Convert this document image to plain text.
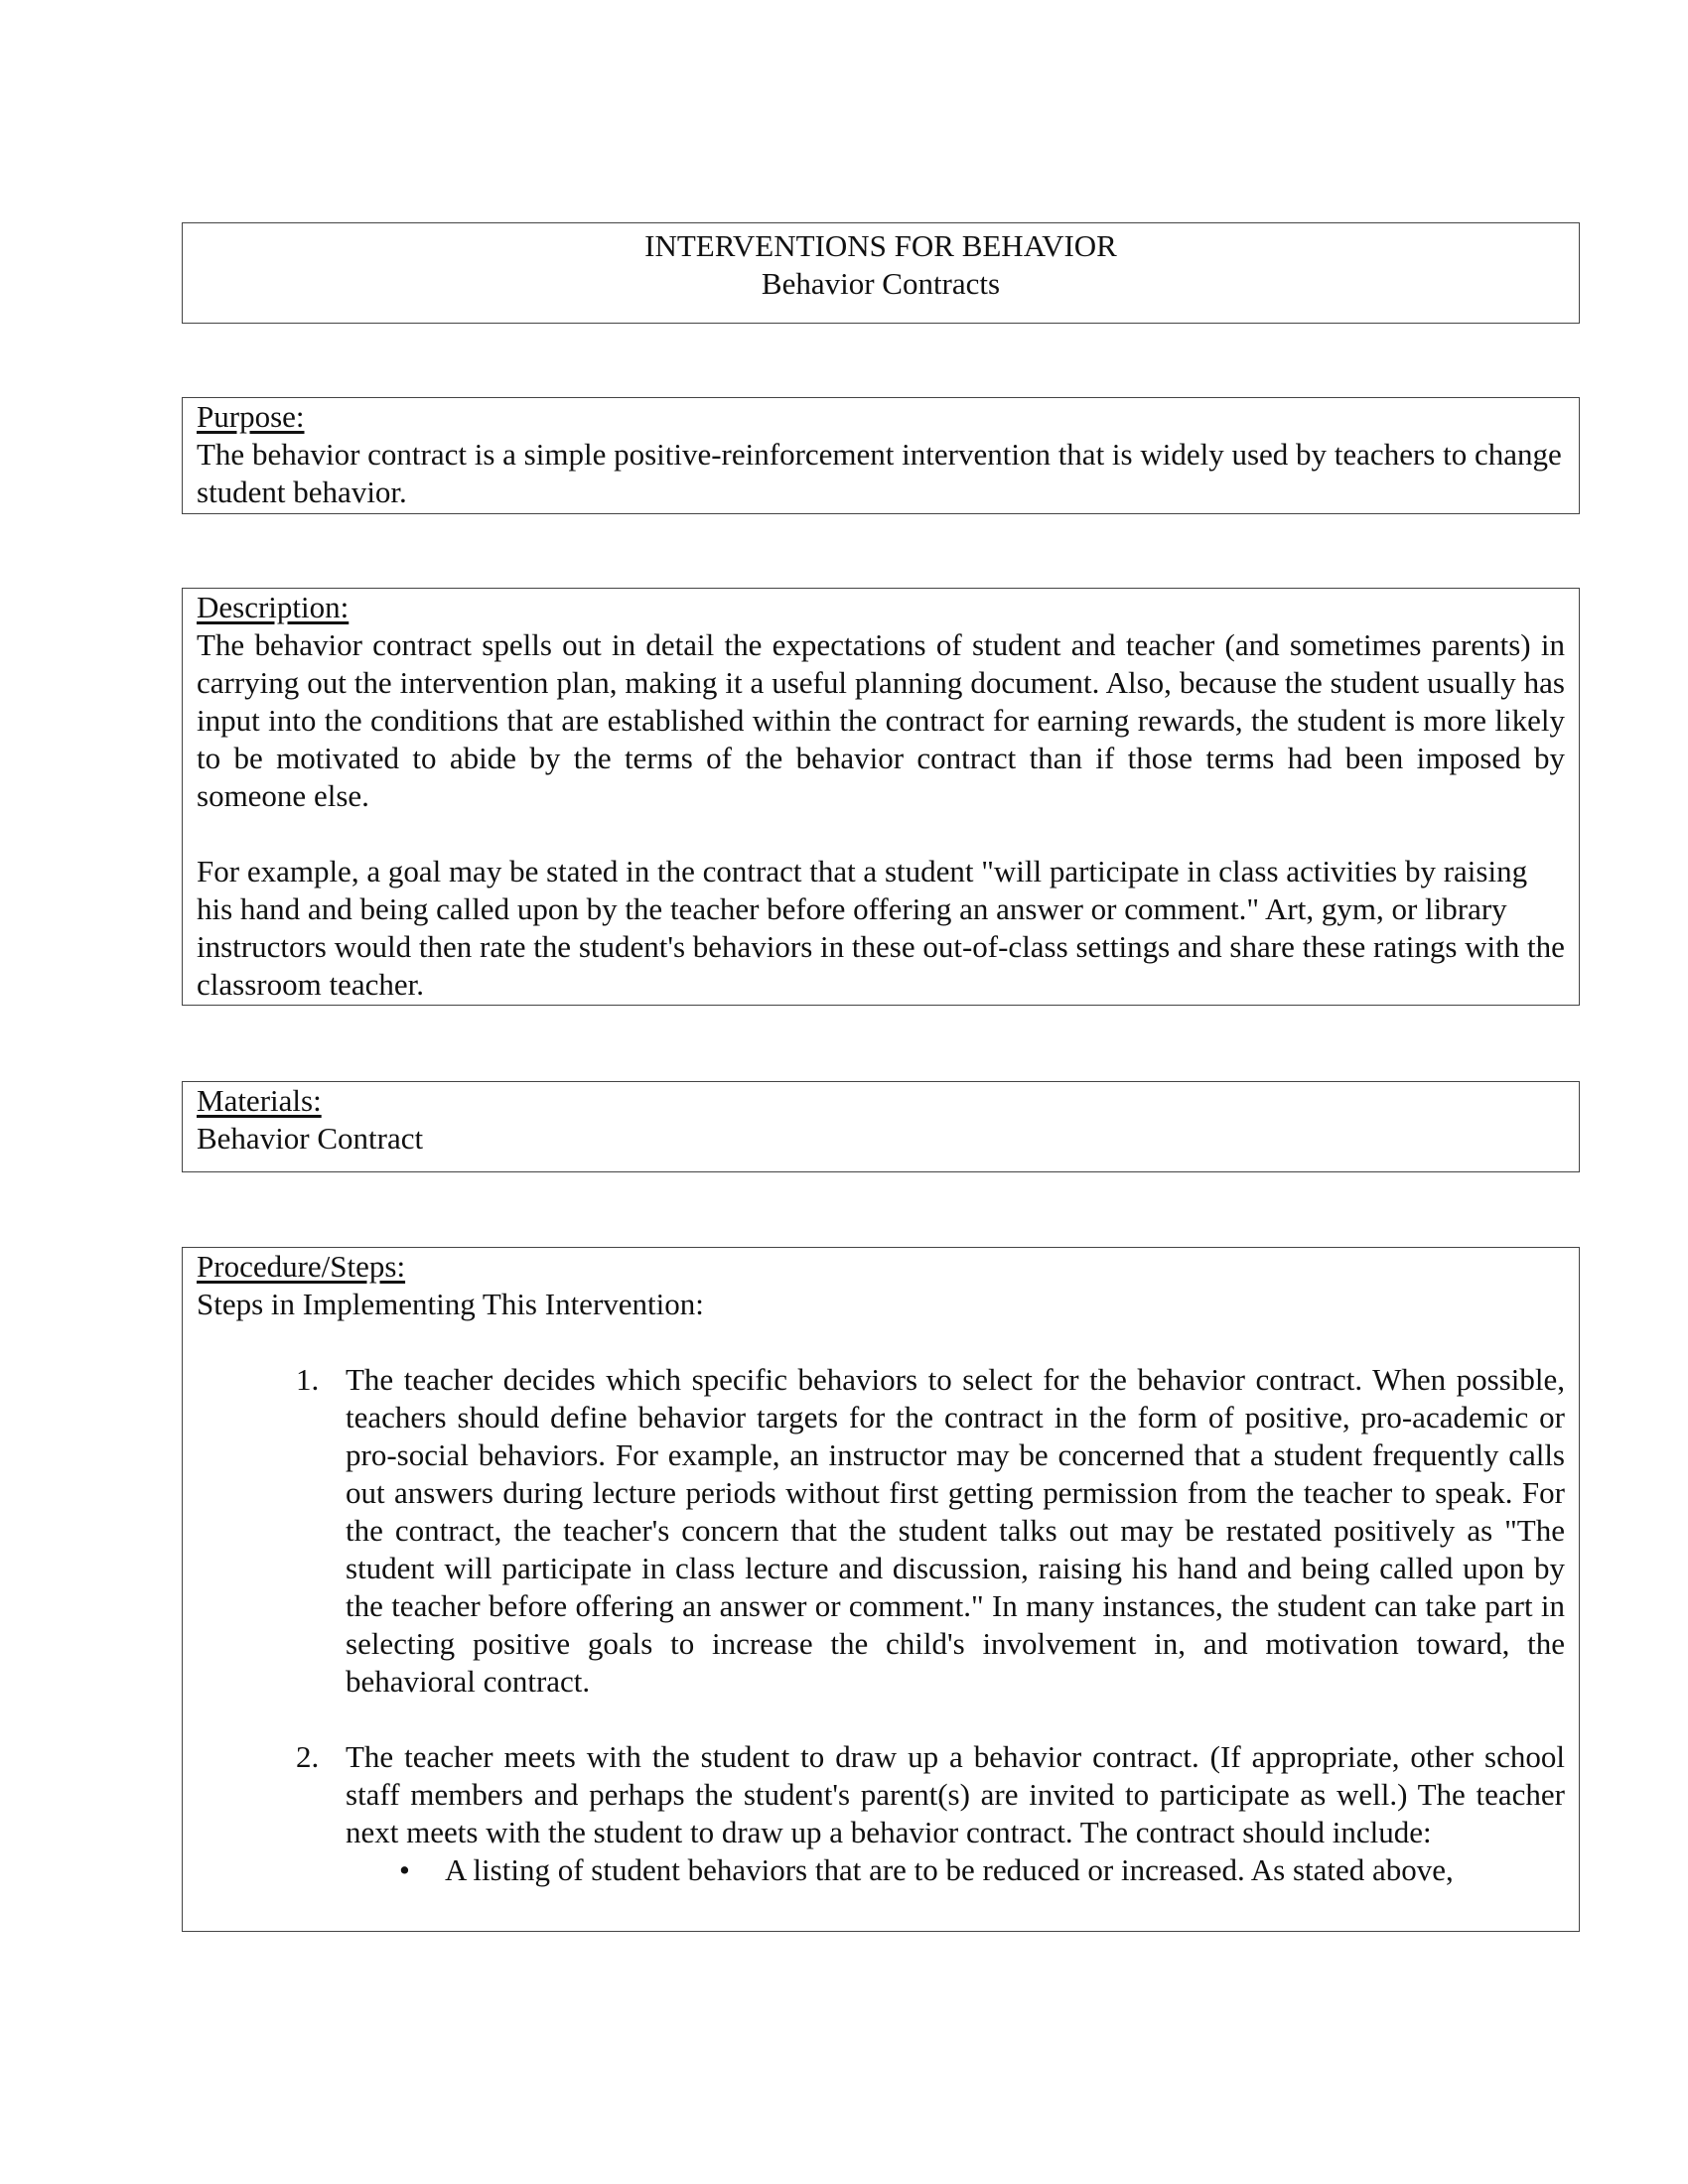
INTERVENTIONS FOR BEHAVIOR
Behavior Contracts
Purpose:

The behavior contract is a simple positive-reinforcement intervention that is widely used by teachers to change student behavior.

Description:

The behavior contract spells out in detail the expectations of student and teacher (and sometimes parents) in carrying out the intervention plan, making it a useful planning document. Also, because the student usually has input into the conditions that are established within the contract for earning rewards, the student is more likely to be motivated to abide by the terms of the behavior contract than if those terms had been imposed by someone else.

For example, a goal may be stated in the contract that a student "will participate in class activities by raising his hand and being called upon by the teacher before offering an answer or comment." Art, gym, or library instructors would then rate the student's behaviors in these out-of-class settings and share these ratings with the classroom teacher.

Materials:
Behavior Contract
Procedure/Steps:
Steps in Implementing This Intervention:
1. The teacher decides which specific behaviors to select for the behavior contract. When possible, teachers should define behavior targets for the contract in the form of positive, pro-academic or pro-social behaviors. For example, an instructor may be concerned that a student frequently calls out answers during lecture periods without first getting permission from the teacher to speak. For the contract, the teacher's concern that the student talks out may be restated positively as "The student will participate in class lecture and discussion, raising his hand and being called upon by the teacher before offering an answer or comment." In many instances, the student can take part in selecting positive goals to increase the child's involvement in, and motivation toward, the behavioral contract.
2. The teacher meets with the student to draw up a behavior contract. (If appropriate, other school staff members and perhaps the student's parent(s) are invited to participate as well.) The teacher next meets with the student to draw up a behavior contract. The contract should include:
• A listing of student behaviors that are to be reduced or increased. As stated above,
